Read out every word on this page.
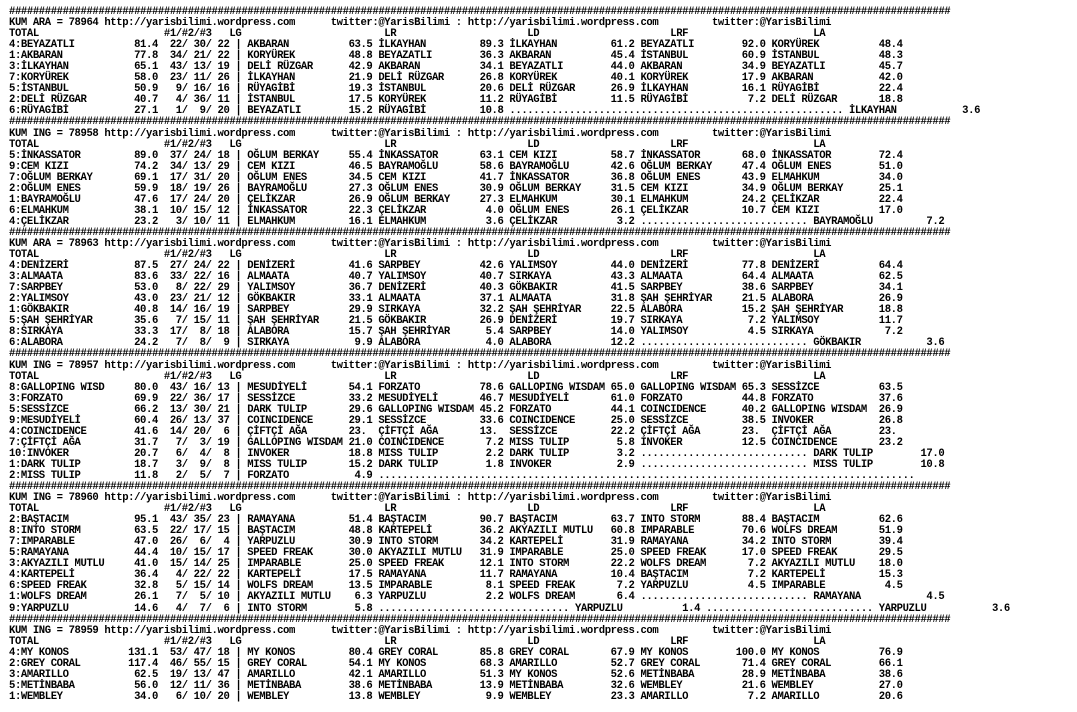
##############################################################################################################################################################
KUM ARA = 78964 http://yarisbilimi.wordpress.com      twitter:@YarisBilimi : http://yarisbilimi.wordpress.com         twitter:@YarisBilimi
TOTAL                     #1/#2/#3   LG                        LR                      LD                      LRF                     LA
4:BEYAZATLI          81.4  22/ 30/ 22 | AKBARAN          63.5 İLKAYHAN         89.3 İLKAYHAN         61.2 BEYAZATLI        92.0 KORYÜREK          48.4
1:AKBARAN            77.8  34/ 21/ 22 | KORYÜREK         48.8 BEYAZATLI        36.3 AKBARAN          45.4 İSTANBUL         60.9 İSTANBUL          48.3
3:İLKAYHAN           65.1  43/ 13/ 19 | DELİ RÜZGAR      42.9 AKBARAN          34.1 BEYAZATLI        44.0 AKBARAN          34.9 BEYAZATLI         45.7
7:KORYÜREK           58.0  23/ 11/ 26 | İLKAYHAN         21.9 DELİ RÜZGAR      26.8 KORYÜREK         40.1 KORYÜREK         17.9 AKBARAN           42.0
5:İSTANBUL           50.9   9/ 16/ 16 | RÜYAGİBİ         19.3 İSTANBUL         20.6 DELİ RÜZGAR      26.9 İLKAYHAN         16.1 RÜYAGİBİ          22.4
2:DELİ RÜZGAR        40.7   4/ 36/ 11 | İSTANBUL         17.5 KORYÜREK         11.2 RÜYAGİBİ         11.5 RÜYAGİBİ          7.2 DELİ RÜZGAR       18.8
6:RÜYAGİBİ           27.1   1/  9/ 20 | BEYAZATLI        15.2 RÜYAGİBİ         10.8 ........................................................ İLKAYHAN           3.6
##############################################################################################################################################################
KUM ING = 78958 http://yarisbilimi.wordpress.com      twitter:@YarisBilimi : http://yarisbilimi.wordpress.com         twitter:@YarisBilimi
TOTAL                     #1/#2/#3   LG                        LR                      LD                      LRF                     LA
5:İNKASSATOR         89.0  37/ 24/ 18 | OĞLUM BERKAY     55.4 İNKASSATOR       63.1 CEM KIZI         58.7 İNKASSATOR       68.0 İNKASSATOR        72.4
9:CEM KIZI           74.2  34/ 13/ 29 | CEM KIZI         46.5 BAYRAMOĞLU       58.6 BAYRAMOĞLU       42.6 OĞLUM BERKAY     47.4 OĞLUM ENES        51.0
7:OĞLUM BERKAY       69.1  17/ 31/ 20 | OĞLUM ENES       34.5 CEM KIZI         41.7 İNKASSATOR       36.8 OĞLUM ENES       43.9 ELMAHKUM          34.0
2:OĞLUM ENES         59.9  18/ 19/ 26 | BAYRAMOĞLU       27.3 OĞLUM ENES       30.9 OĞLUM BERKAY     31.5 CEM KIZI         34.9 OĞLUM BERKAY      25.1
1:BAYRAMOĞLU         47.6  17/ 24/ 20 | ÇELİKZAR         26.9 OĞLUM BERKAY     27.3 ELMAHKUM         30.1 ELMAHKUM         24.2 ÇELİKZAR          22.4
6:ELMAHKUM           38.1  10/ 15/ 12 | İNKASSATOR       22.3 ÇELİKZAR          4.0 OĞLUM ENES       26.1 ÇELİKZAR         10.7 CEM KIZI          17.0
4:ÇELİKZAR           23.2   3/ 10/ 11 | ELMAHKUM         16.1 ELMAHKUM          3.6 ÇELİKZAR          3.2 ............................ BAYRAMOĞLU         7.2
##############################################################################################################################################################
KUM ARA = 78963 http://yarisbilimi.wordpress.com      twitter:@YarisBilimi : http://yarisbilimi.wordpress.com         twitter:@YarisBilimi
TOTAL                     #1/#2/#3   LG                        LR                      LD                      LRF                     LA
4:DENİZERİ           87.5  27/ 24/ 22 | DENİZERİ         41.6 SARPBEY          42.6 YALIMSOY         44.0 DENİZERİ         77.8 DENİZERİ          64.4
3:ALMAATA            83.6  33/ 22/ 16 | ALMAATA          40.7 YALIMSOY         40.7 SIRKAYA          43.3 ALMAATA          64.4 ALMAATA           62.5
7:SARPBEY            53.0   8/ 22/ 29 | YALIMSOY         36.7 DENİZERİ         40.3 GÖKBAKIR         41.5 SARPBEY          38.6 SARPBEY           34.1
2:YALIMSOY           43.0  23/ 21/ 12 | GÖKBAKIR         33.1 ALMAATA          37.1 ALMAATA          31.8 ŞAH ŞEHRİYAR     21.5 ALABORA           26.9
1:GÖKBAKIR           40.8  14/ 16/ 19 | SARPBEY          29.9 SIRKAYA          32.2 ŞAH ŞEHRİYAR     22.5 ALABORA          15.2 ŞAH ŞEHRİYAR      18.8
5:ŞAH ŞEHRİYAR       35.6   7/ 15/ 11 | ŞAH ŞEHRİYAR     21.5 GÖKBAKIR         26.9 DENİZERİ         19.7 SIRKAYA           7.2 YALIMSOY          11.7
8:SIRKAYA            33.3  17/  8/ 18 | ALABORA          15.7 ŞAH ŞEHRİYAR      5.4 SARPBEY          14.0 YALIMSOY          4.5 SIRKAYA            7.2
6:ALABORA            24.2   7/  8/  9 | SIRKAYA           9.9 ALABORA           4.0 ALABORA          12.2 ............................ GÖKBAKIR           3.6
##############################################################################################################################################################
KUM ING = 78957 http://yarisbilimi.wordpress.com      twitter:@YarisBilimi : http://yarisbilimi.wordpress.com         twitter:@YarisBilimi
TOTAL                     #1/#2/#3   LG                        LR                      LD                      LRF                     LA
8:GALLOPING WISD     80.0  43/ 16/ 13 | MESUDİYELİ       54.1 FORZATO          78.6 GALLOPING WISDAM 65.0 GALLOPING WISDAM 65.3 SESSİZCE          63.5
3:FORZATO            69.9  22/ 36/ 17 | SESSİZCE         33.2 MESUDİYELİ       46.7 MESUDİYELİ       61.0 FORZATO          44.8 FORZATO           37.6
5:SESSİZCE           66.2  13/ 30/ 21 | DARK TULIP       29.6 GALLOPING WISDAM 45.2 FORZATO          44.1 COINCIDENCE      40.2 GALLOPING WISDAM  26.9
9:MESUDİYELİ         60.4  26/ 13/ 37 | COINCIDENCE      29.1 SESSİZCE         33.6 COINCIDENCE      25.0 SESSİZCE         38.5 INVOKER           26.8
4:COINCIDENCE        41.6  14/ 20/  6 | ÇİFTÇİ AĞA       23.  ÇİFTÇİ AĞA       13.  SESSİZCE         22.2 ÇİFTÇİ AĞA       23.  ÇİFTÇİ AĞA        23.
7:ÇİFTÇİ AĞA         31.7   7/  3/ 19 | GALLOPING WISDAM 21.0 COINCIDENCE       7.2 MISS TULIP        5.8 INVOKER          12.5 COINCIDENCE       23.2
10:INVOKER           20.7   6/  4/  8 | INVOKER          18.8 MISS TULIP        2.2 DARK TULIP        3.2 ............................ DARK TULIP        17.0
1:DARK TULIP         18.7   3/  9/  8 | MISS TULIP       15.2 DARK TULIP        1.8 INVOKER           2.9 ............................ MISS TULIP        10.8
2:MISS TULIP         11.8   2/  5/  7 | FORZATO           4.9 ..........................................................................................
##############################################################################################################################################################
KUM ING = 78960 http://yarisbilimi.wordpress.com      twitter:@YarisBilimi : http://yarisbilimi.wordpress.com         twitter:@YarisBilimi
TOTAL                     #1/#2/#3   LG                        LR                      LD                      LRF                     LA
2:BAŞTACIM           95.1  43/ 35/ 23 | RAMAYANA         51.4 BAŞTACIM         90.7 BAŞTACIM         63.7 INTO STORM       88.4 BAŞTACIM          62.6
8:INTO STORM         63.5  22/ 17/ 15 | BAŞTACIM         48.8 KARTEPELİ        36.2 AKYAZILI MUTLU   60.8 IMPARABLE        70.6 WOLFS DREAM       51.9
7:IMPARABLE          47.0  26/  6/  4 | YARPUZLU         30.9 INTO STORM       34.2 KARTEPELİ        31.9 RAMAYANA         34.2 INTO STORM        39.4
5:RAMAYANA           44.4  10/ 15/ 17 | SPEED FREAK      30.0 AKYAZILI MUTLU   31.9 IMPARABLE        25.0 SPEED FREAK      17.0 SPEED FREAK       29.5
3:AKYAZILI MUTLU     41.0  15/ 14/ 25 | IMPARABLE        25.0 SPEED FREAK      12.1 INTO STORM       22.2 WOLFS DREAM       7.2 AKYAZILI MUTLU    18.0
4:KARTEPELİ          36.4   4/ 22/ 22 | KARTEPELİ        17.5 RAMAYANA         11.7 RAMAYANA         10.4 BAŞTACIM          7.2 KARTEPELİ         15.3
6:SPEED FREAK        32.8   5/ 15/ 14 | WOLFS DREAM      13.5 IMPARABLE         8.1 SPEED FREAK       7.2 YARPUZLU          4.5 IMPARABLE          4.5
1:WOLFS DREAM        26.1   7/  5/ 10 | AKYAZILI MUTLU    6.3 YARPUZLU          2.2 WOLFS DREAM       6.4 ............................ RAMAYANA           4.5
9:YARPUZLU           14.6   4/  7/  6 | INTO STORM        5.8 ................................ YARPUZLU          1.4 ............................ YARPUZLU           3.6
##############################################################################################################################################################
KUM ING = 78959 http://yarisbilimi.wordpress.com      twitter:@YarisBilimi : http://yarisbilimi.wordpress.com         twitter:@YarisBilimi
TOTAL                     #1/#2/#3   LG                        LR                      LD                      LRF                     LA
4:MY KONOS          131.1  53/ 47/ 18 | MY KONOS         80.4 GREY CORAL       85.8 GREY CORAL       67.9 MY KONOS        100.0 MY KONOS          76.9
2:GREY CORAL        117.4  46/ 55/ 15 | GREY CORAL       54.1 MY KONOS         68.3 AMARILLO         52.7 GREY CORAL       71.4 GREY CORAL        66.1
3:AMARILLO           62.5  19/ 13/ 47 | AMARILLO         42.1 AMARILLO         51.3 MY KONOS         52.6 METİNBABA        28.9 METİNBABA         38.6
5:METİNBABA          56.0  12/ 11/ 36 | METİNBABA        38.6 METİNBABA        13.9 METİNBABA        32.6 WEMBLEY          21.6 WEMBLEY           27.0
1:WEMBLEY            34.0   6/ 10/ 20 | WEMBLEY          13.8 WEMBLEY           9.9 WEMBLEY          23.3 AMARILLO          7.2 AMARILLO          20.6
